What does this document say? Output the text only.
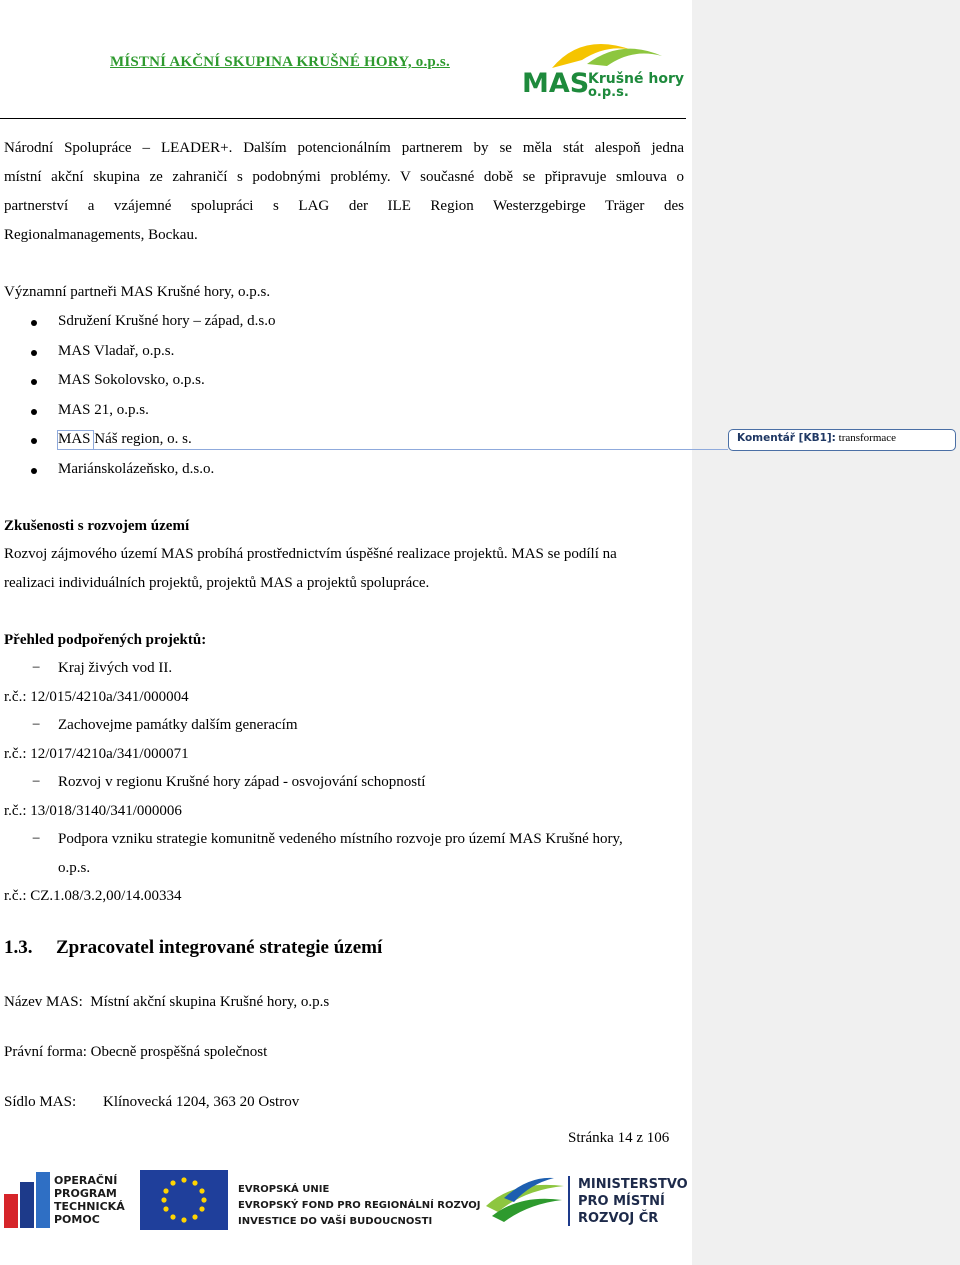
MÍSTNÍ AKČNÍ SKUPINA KRUŠNÉ HORY, o.p.s.
MAS
Krušné hory
o.p.s.
Národní Spolupráce – LEADER+. Dalším potencionálním partnerem by se měla stát alespoň jedna
místní akční skupina ze zahraničí s podobnými problémy. V současné době se připravuje smlouva o
partnerství a vzájemné spolupráci s LAG der ILE Region Westerzgebirge Träger des
Regionalmanagements, Bockau.
Významní partneři MAS Krušné hory, o.p.s.
Sdružení Krušné hory – západ, d.s.o
MAS Vladař, o.p.s.
MAS Sokolovsko, o.p.s.
MAS 21, o.p.s.
MAS Náš region, o. s.
Mariánskolázeňsko, d.s.o.
Zkušenosti s rozvojem území
Rozvoj zájmového území MAS probíhá prostřednictvím úspěšné realizace projektů. MAS se podílí na
realizaci individuálních projektů, projektů MAS a projektů spolupráce.
Přehled podpořených projektů:
− Kraj živých vod II.
r.č.: 12/015/4210a/341/000004
− Zachovejme památky dalším generacím
r.č.: 12/017/4210a/341/000071
− Rozvoj v regionu Krušné hory západ - osvojování schopností
r.č.: 13/018/3140/341/000006
− Podpora vzniku strategie komunitně vedeného místního rozvoje pro území MAS Krušné hory,
o.p.s.
r.č.: CZ.1.08/3.2,00/14.00334
1.3. Zpracovatel integrované strategie území
Název MAS: Místní akční skupina Krušné hory, o.p.s
Právní forma: Obecně prospěšná společnost
Sídlo MAS: Klínovecká 1204, 363 20 Ostrov
Stránka 14 z 106
Komentář [KB1]: transformace
OPERAČNÍ
PROGRAM
TECHNICKÁ
POMOC
EVROPSKÁ UNIE
EVROPSKÝ FOND PRO REGIONÁLNÍ ROZVOJ
INVESTICE DO VAŠÍ BUDOUCNOSTI
MINISTERSTVO
PRO MÍSTNÍ
ROZVOJ ČR
